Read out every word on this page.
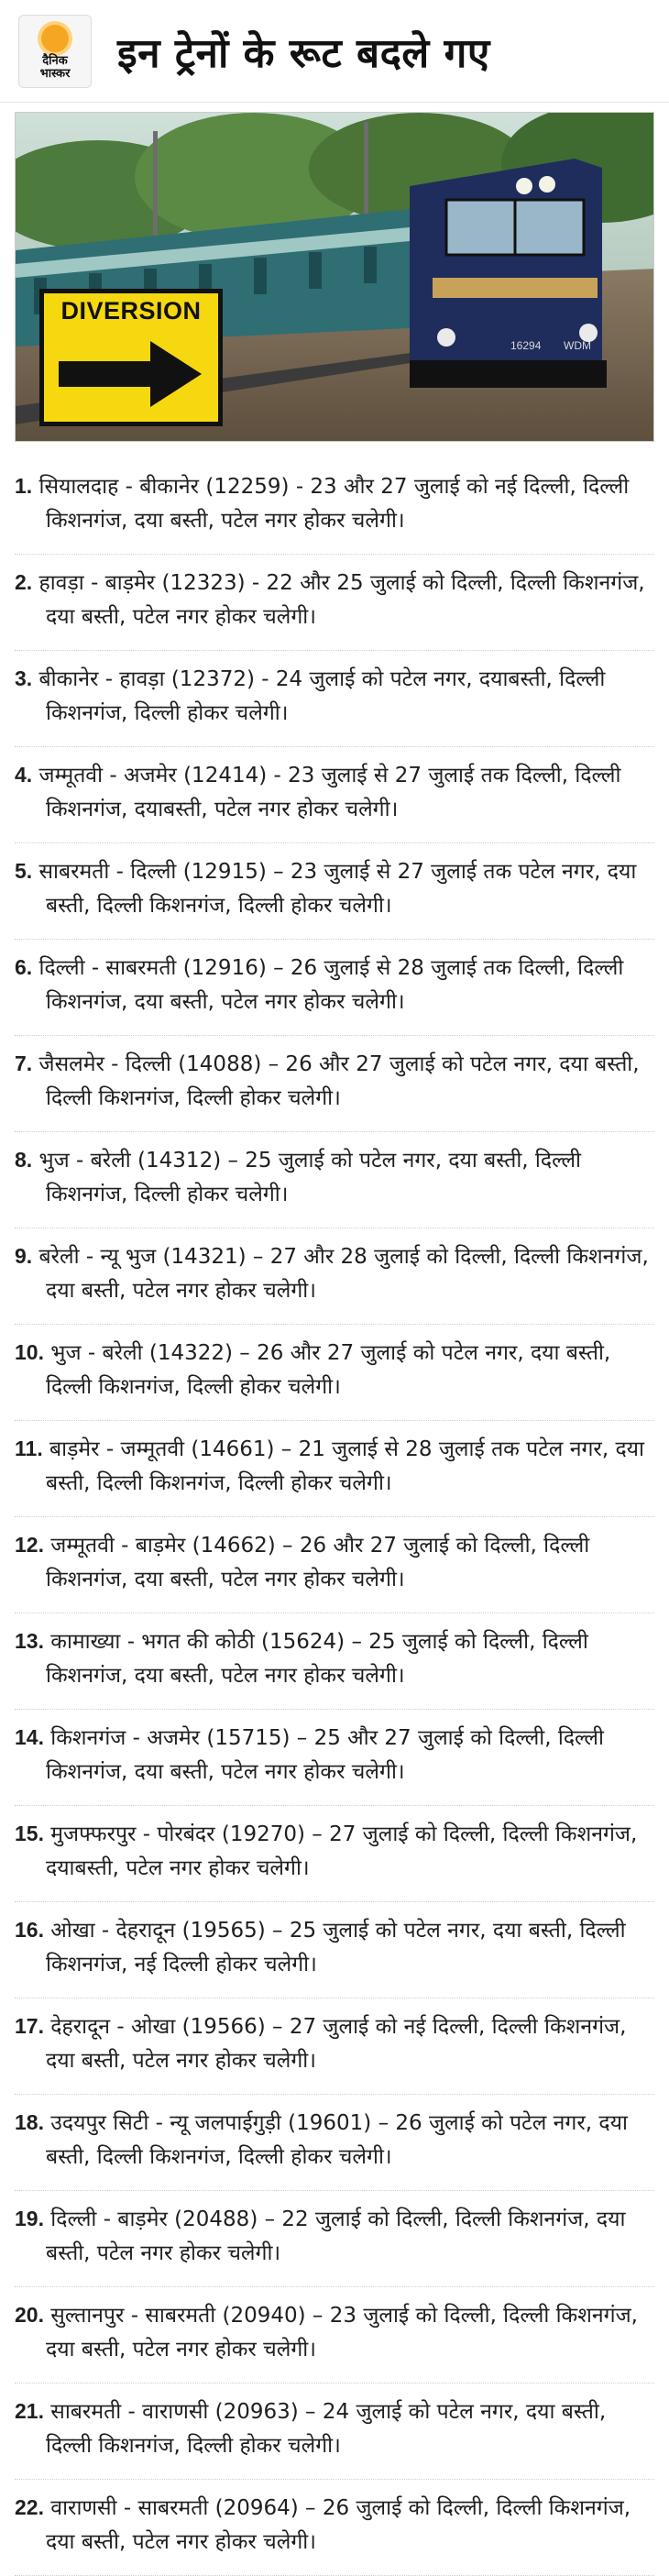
दैनिक
भास्कर इन ट्रेनों के रूट बदले गए
16294 WDM
DIVERSION
1. सियालदाह - बीकानेर (12259) - 23 और 27 जुलाई को नई दिल्ली, दिल्ली किशनगंज, दया बस्ती, पटेल नगर होकर चलेगी।
2. हावड़ा - बाड़मेर (12323) - 22 और 25 जुलाई को दिल्ली, दिल्ली किशनगंज, दया बस्ती, पटेल नगर होकर चलेगी।
3. बीकानेर - हावड़ा (12372) - 24 जुलाई को पटेल नगर, दयाबस्ती, दिल्ली किशनगंज, दिल्ली होकर चलेगी।
4. जम्मूतवी - अजमेर (12414) - 23 जुलाई से 27 जुलाई तक दिल्ली, दिल्ली किशनगंज, दयाबस्ती, पटेल नगर होकर चलेगी।
5. साबरमती - दिल्ली (12915) – 23 जुलाई से 27 जुलाई तक पटेल नगर, दया बस्ती, दिल्ली किशनगंज, दिल्ली होकर चलेगी।
6. दिल्ली - साबरमती (12916) – 26 जुलाई से 28 जुलाई तक दिल्ली, दिल्ली किशनगंज, दया बस्ती, पटेल नगर होकर चलेगी।
7. जैसलमेर - दिल्ली (14088) – 26 और 27 जुलाई को पटेल नगर, दया बस्ती, दिल्ली किशनगंज, दिल्ली होकर चलेगी।
8. भुज - बरेली (14312) – 25 जुलाई को पटेल नगर, दया बस्ती, दिल्ली किशनगंज, दिल्ली होकर चलेगी।
9. बरेली - न्यू भुज (14321) – 27 और 28 जुलाई को दिल्ली, दिल्ली किशनगंज, दया बस्ती, पटेल नगर होकर चलेगी।
10. भुज - बरेली (14322) – 26 और 27 जुलाई को पटेल नगर, दया बस्ती, दिल्ली किशनगंज, दिल्ली होकर चलेगी।
11. बाड़मेर - जम्मूतवी (14661) – 21 जुलाई से 28 जुलाई तक पटेल नगर, दया बस्ती, दिल्ली किशनगंज, दिल्ली होकर चलेगी।
12. जम्मूतवी - बाड़मेर (14662) – 26 और 27 जुलाई को दिल्ली, दिल्ली किशनगंज, दया बस्ती, पटेल नगर होकर चलेगी।
13. कामाख्या - भगत की कोठी (15624) – 25 जुलाई को दिल्ली, दिल्ली किशनगंज, दया बस्ती, पटेल नगर होकर चलेगी।
14. किशनगंज - अजमेर (15715) – 25 और 27 जुलाई को दिल्ली, दिल्ली किशनगंज, दया बस्ती, पटेल नगर होकर चलेगी।
15. मुजफ्फरपुर - पोरबंदर (19270) – 27 जुलाई को दिल्ली, दिल्ली किशनगंज, दयाबस्ती, पटेल नगर होकर चलेगी।
16. ओखा - देहरादून (19565) – 25 जुलाई को पटेल नगर, दया बस्ती, दिल्ली किशनगंज, नई दिल्ली होकर चलेगी।
17. देहरादून - ओखा (19566) – 27 जुलाई को नई दिल्ली, दिल्ली किशनगंज, दया बस्ती, पटेल नगर होकर चलेगी।
18. उदयपुर सिटी - न्यू जलपाईगुड़ी (19601) – 26 जुलाई को पटेल नगर, दया बस्ती, दिल्ली किशनगंज, दिल्ली होकर चलेगी।
19. दिल्ली - बाड़मेर (20488) – 22 जुलाई को दिल्ली, दिल्ली किशनगंज, दया बस्ती, पटेल नगर होकर चलेगी।
20. सुल्तानपुर - साबरमती (20940) – 23 जुलाई को दिल्ली, दिल्ली किशनगंज, दया बस्ती, पटेल नगर होकर चलेगी।
21. साबरमती - वाराणसी (20963) – 24 जुलाई को पटेल नगर, दया बस्ती, दिल्ली किशनगंज, दिल्ली होकर चलेगी।
22. वाराणसी - साबरमती (20964) – 26 जुलाई को दिल्ली, दिल्ली किशनगंज, दया बस्ती, पटेल नगर होकर चलेगी।
